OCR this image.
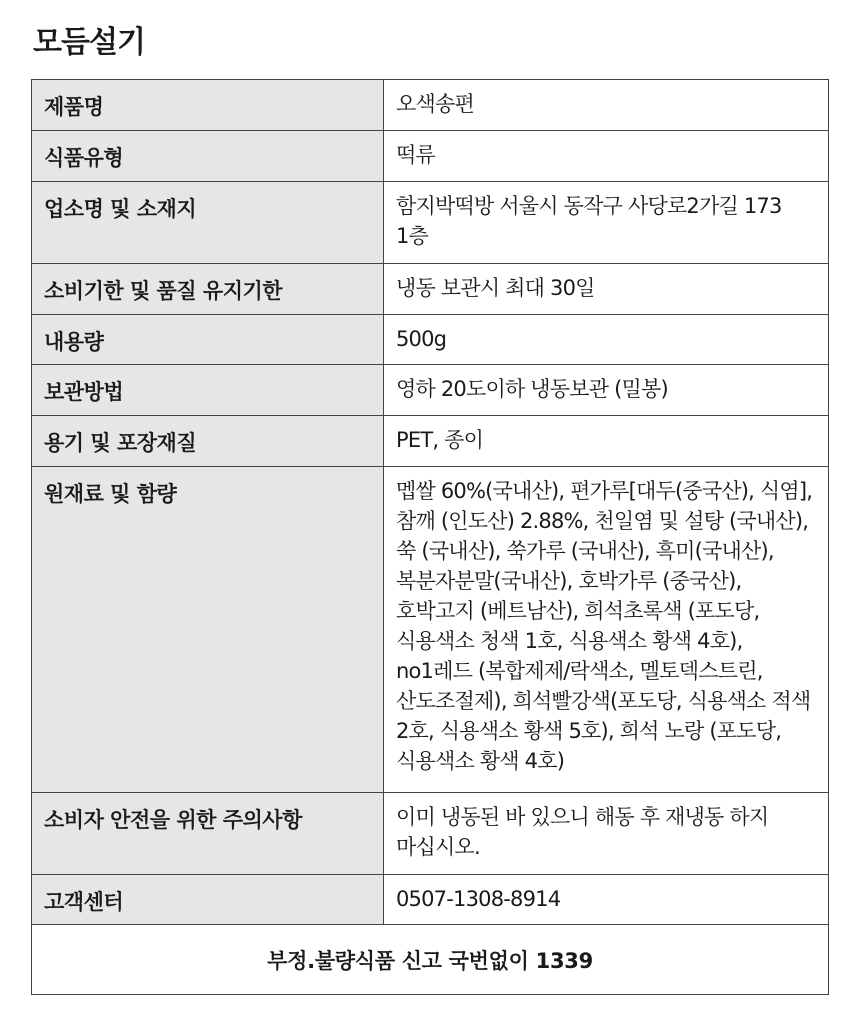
모듬설기
제품명	오색송편
식품유형	떡류
업소명 및 소재지	함지박떡방 서울시 동작구 사당로2가길 173 1층
소비기한 및 품질 유지기한	냉동 보관시 최대 30일
내용량	500g
보관방법	영하 20도이하 냉동보관 (밀봉)
용기 및 포장재질	PET, 종이
원재료 및 함량	멥쌀 60%(국내산), 편가루[대두(중국산), 식염], 참깨 (인도산) 2.88%, 천일염 및 설탕 (국내산), 쑥 (국내산), 쑥가루 (국내산), 흑미(국내산), 복분자분말(국내산), 호박가루 (중국산), 호박고지 (베트남산), 희석초록색 (포도당, 식용색소 청색 1호, 식용색소 황색 4호), no1레드 (복합제제/락색소, 멜토덱스트린, 산도조절제), 희석빨강색(포도당, 식용색소 적색 2호, 식용색소 황색 5호), 희석 노랑 (포도당, 식용색소 황색 4호)
소비자 안전을 위한 주의사항	이미 냉동된 바 있으니 해동 후 재냉동 하지 마십시오.
고객센터	0507-1308-8914
부정.불량식품 신고 국번없이 1339	
